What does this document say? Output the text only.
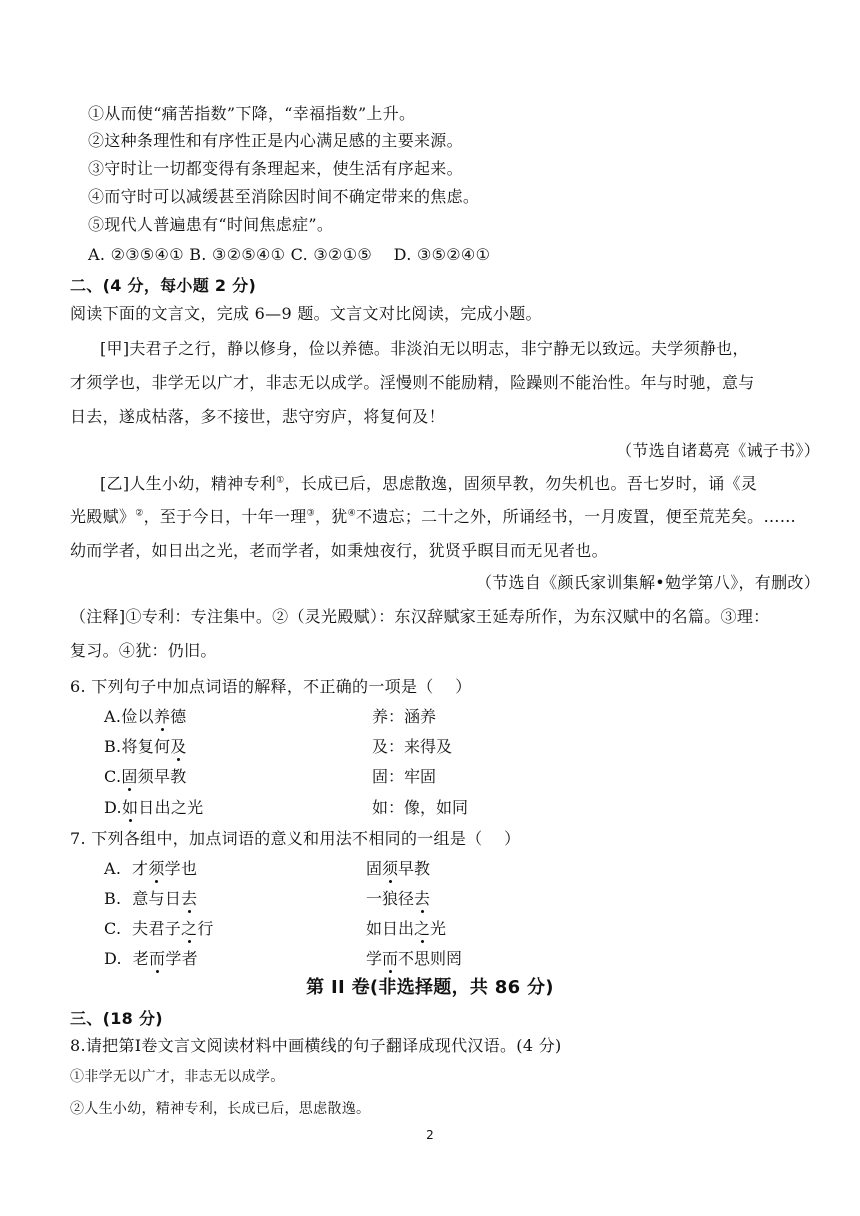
①从而使“痛苦指数”下降，“幸福指数”上升。
②这种条理性和有序性正是内心满足感的主要来源。
③守时让一切都变得有条理起来，使生活有序起来。
④而守时可以减缓甚至消除因时间不确定带来的焦虑。
⑤现代人普遍患有“时间焦虑症”。
A. ②③⑤④① B. ③②⑤④① C. ③②①⑤　 D. ③⑤②④①
二、(4 分，每小题 2 分)
阅读下面的文言文，完成 6—9 题。文言文对比阅读，完成小题。
[甲]夫君子之行，静以修身，俭以养德。非淡泊无以明志，非宁静无以致远。夫学须静也，
才须学也，非学无以广才，非志无以成学。淫慢则不能励精，险躁则不能治性。年与时驰，意与
日去，遂成枯落，多不接世，悲守穷庐，将复何及！
（节选自诸葛亮《诫子书》）
[乙]人生小幼，精神专利①，长成已后，思虑散逸，固须早教，勿失机也。吾七岁时，诵《灵
光殿赋》②，至于今日，十年一理③，犹④不遗忘；二十之外，所诵经书，一月废置，便至荒芜矣。……
幼而学者，如日出之光，老而学者，如秉烛夜行，犹贤乎瞑目而无见者也。
（节选自《颜氏家训集解•勉学第八》，有删改）
（注释]①专利：专注集中。②（灵光殿赋）：东汉辞赋家王延寿所作，为东汉赋中的名篇。③理：
复习。④犹：仍旧。
6. 下列句子中加点词语的解释，不正确的一项是（　 ）
A.俭以养德	养：涵养
B.将复何及	及：来得及
C.固须早教	固：牢固
D.如日出之光	如：像，如同
7. 下列各组中，加点词语的意义和用法不相同的一组是（　 ）
A. 才须学也	固须早教
B. 意与日去	一狼径去
C. 夫君子之行	如日出之光
D. 老而学者	学而不思则罔
第 II 卷(非选择题，共 86 分)
三、(18 分)
8.请把第Ⅰ卷文言文阅读材料中画横线的句子翻译成现代汉语。(4 分)
①非学无以广才，非志无以成学。
②人生小幼，精神专利，长成已后，思虑散逸。
2
